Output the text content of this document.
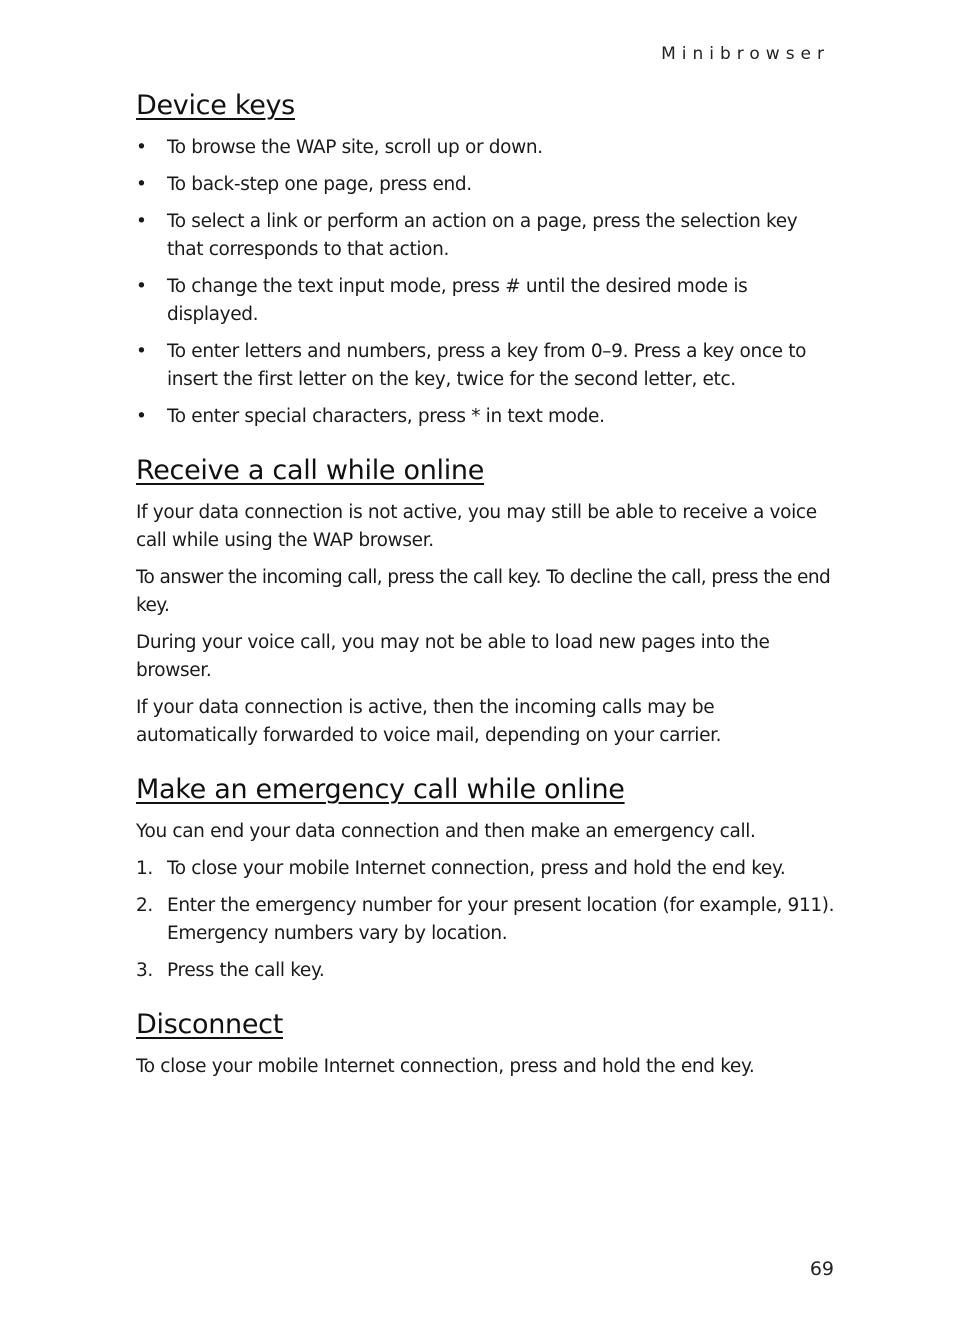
Minibrowser
Device keys
• To browse the WAP site, scroll up or down.
• To back-step one page, press end.
• To select a link or perform an action on a page, press the selection key that corresponds to that action.
• To change the text input mode, press # until the desired mode is displayed.
• To enter letters and numbers, press a key from 0–9. Press a key once to insert the first letter on the key, twice for the second letter, etc.
• To enter special characters, press * in text mode.
Receive a call while online

If your data connection is not active, you may still be able to receive a voice call while using the WAP browser.

To answer the incoming call, press the call key. To decline the call, press the end key.

During your voice call, you may not be able to load new pages into the browser.

If your data connection is active, then the incoming calls may be automatically forwarded to voice mail, depending on your carrier.

Make an emergency call while online

You can end your data connection and then make an emergency call.

1. To close your mobile Internet connection, press and hold the end key.
2. Enter the emergency number for your present location (for example, 911). Emergency numbers vary by location.
3. Press the call key.
Disconnect

To close your mobile Internet connection, press and hold the end key.

69
